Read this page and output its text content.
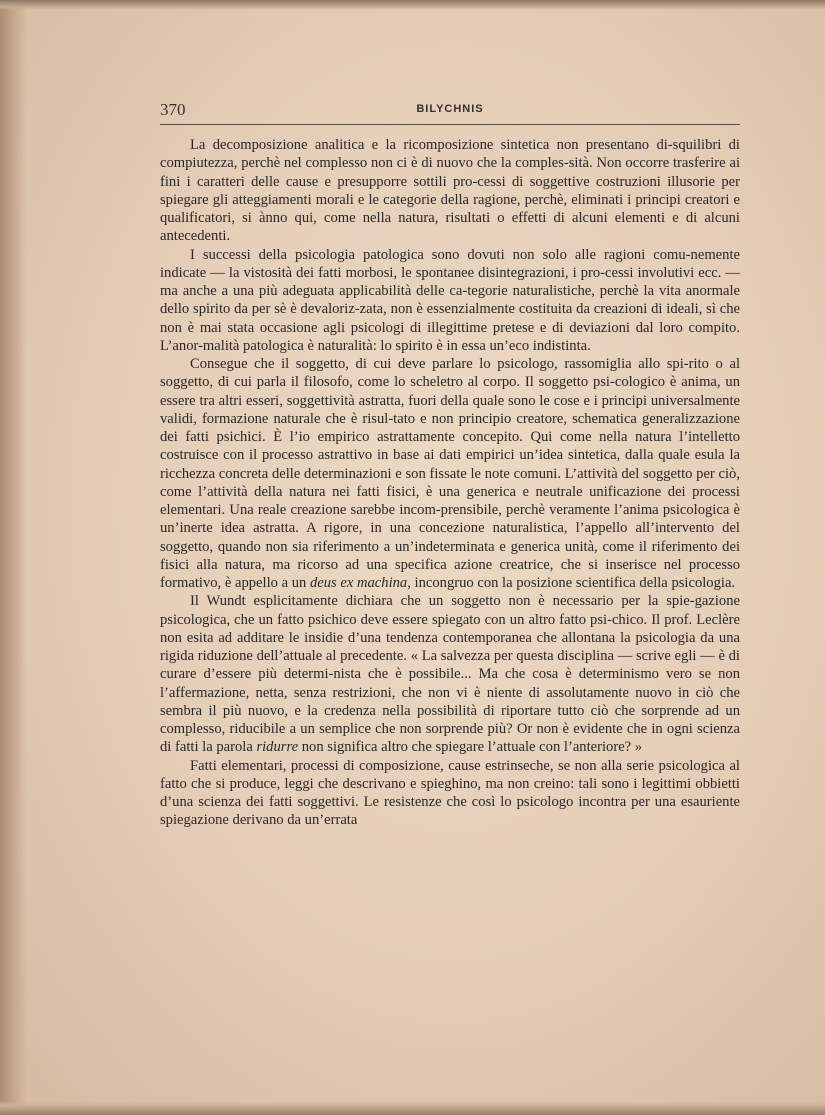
370	BILYCHNIS

La decomposizione analitica e la ricomposizione sintetica non presentano di-squilibri di compiutezza, perchè nel complesso non ci è di nuovo che la comples-sità. Non occorre trasferire ai fini i caratteri delle cause e presupporre sottili pro-cessi di soggettive costruzioni illusorie per spiegare gli atteggiamenti morali e le categorie della ragione, perchè, eliminati i principi creatori e qualificatori, si ànno qui, come nella natura, risultati o effetti di alcuni elementi e di alcuni antecedenti.

I successi della psicologia patologica sono dovuti non solo alle ragioni comu-nemente indicate — la vistosità dei fatti morbosi, le spontanee disintegrazioni, i pro-cessi involutivi ecc. — ma anche a una più adeguata applicabilità delle ca-tegorie naturalistiche, perchè la vita anormale dello spirito da per sè è devaloriz-zata, non è essenzialmente costituita da creazioni di ideali, sì che non è mai stata occasione agli psicologi di illegittime pretese e di deviazioni dal loro compito. L’anor-malità patologica è naturalità: lo spirito è in essa un’eco indistinta.

Consegue che il soggetto, di cui deve parlare lo psicologo, rassomiglia allo spi-rito o al soggetto, di cui parla il filosofo, come lo scheletro al corpo. Il soggetto psi-cologico è anima, un essere tra altri esseri, soggettività astratta, fuori della quale sono le cose e i principi universalmente validi, formazione naturale che è risul-tato e non principio creatore, schematica generalizzazione dei fatti psichici. È l’io empirico astrattamente concepito. Qui come nella natura l’intelletto costruisce con il processo astrattivo in base ai dati empirici un’idea sintetica, dalla quale esula la ricchezza concreta delle determinazioni e son fissate le note comuni. L’attività del soggetto per ciò, come l’attività della natura nei fatti fisici, è una generica e neutrale unificazione dei processi elementari. Una reale creazione sarebbe incom-prensibile, perchè veramente l’anima psicologica è un’inerte idea astratta. A rigore, in una concezione naturalistica, l’appello all’intervento del soggetto, quando non sia riferimento a un’indeterminata e generica unità, come il riferimento dei fisici alla natura, ma ricorso ad una specifica azione creatrice, che si inserisce nel processo formativo, è appello a un deus ex machina, incongruo con la posizione scientifica della psicologia.

Il Wundt esplicitamente dichiara che un soggetto non è necessario per la spie-gazione psicologica, che un fatto psichico deve essere spiegato con un altro fatto psi-chico. Il prof. Leclère non esita ad additare le insidie d’una tendenza contemporanea che allontana la psicologia da una rigida riduzione dell’attuale al precedente. « La salvezza per questa disciplina — scrive egli — è di curare d’essere più determi-nista che è possibile... Ma che cosa è determinismo vero se non l’affermazione, netta, senza restrizioni, che non vi è niente di assolutamente nuovo in ciò che sembra il più nuovo, e la credenza nella possibilità di riportare tutto ciò che sorprende ad un complesso, riducibile a un semplice che non sorprende più? Or non è evidente che in ogni scienza di fatti la parola ridurre non significa altro che spiegare l’attuale con l’anteriore? »

Fatti elementari, processi di composizione, cause estrinseche, se non alla serie psicologica al fatto che si produce, leggi che descrivano e spieghino, ma non creino: tali sono i legittimi obbietti d’una scienza dei fatti soggettivi. Le resistenze che così lo psicologo incontra per una esauriente spiegazione derivano da un’errata
